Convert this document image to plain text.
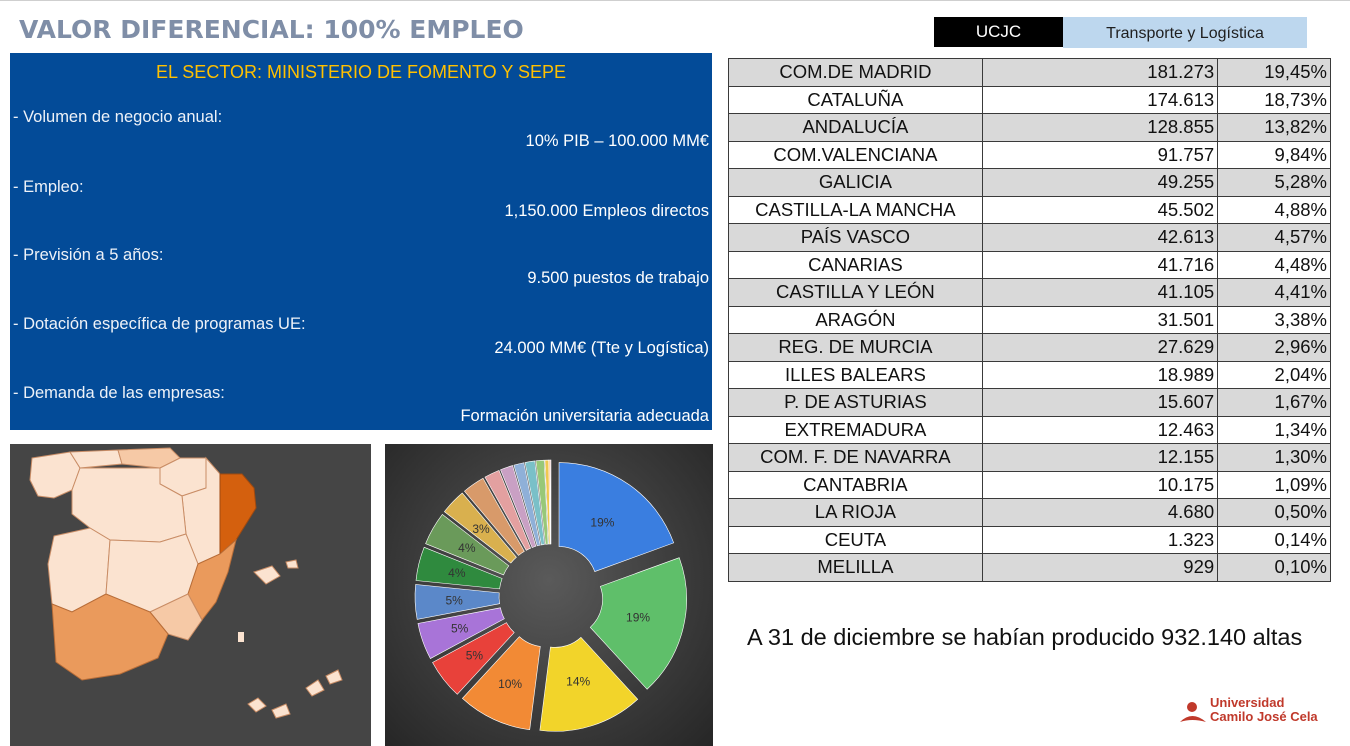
VALOR DIFERENCIAL: 100% EMPLEO	UCJC	Transporte y Logística
EL SECTOR: MINISTERIO DE FOMENTO Y SEPE
- Volumen de negocio anual:
10% PIB – 100.000 MM€
- Empleo:
1,150.000 Empleos directos
- Previsión a 5 años:
9.500 puestos de trabajo
- Dotación específica de programas UE:
24.000 MM€ (Tte y Logística)
- Demanda de las empresas:
Formación universitaria adecuada
19%
19%
14%
10%
5%
5%
5%
4%
4%
3%
COM.DE MADRID	181.273	19,45%
CATALUÑA	174.613	18,73%
ANDALUCÍA	128.855	13,82%
COM.VALENCIANA	91.757	9,84%
GALICIA	49.255	5,28%
CASTILLA-LA MANCHA	45.502	4,88%
PAÍS VASCO	42.613	4,57%
CANARIAS	41.716	4,48%
CASTILLA Y LEÓN	41.105	4,41%
ARAGÓN	31.501	3,38%
REG. DE MURCIA	27.629	2,96%
ILLES BALEARS	18.989	2,04%
P. DE ASTURIAS	15.607	1,67%
EXTREMADURA	12.463	1,34%
COM. F. DE NAVARRA	12.155	1,30%
CANTABRIA	10.175	1,09%
LA RIOJA	4.680	0,50%
CEUTA	1.323	0,14%
MELILLA	929	0,10%
A 31 de diciembre se habían producido 932.140 altas
Universidad
Camilo José Cela
